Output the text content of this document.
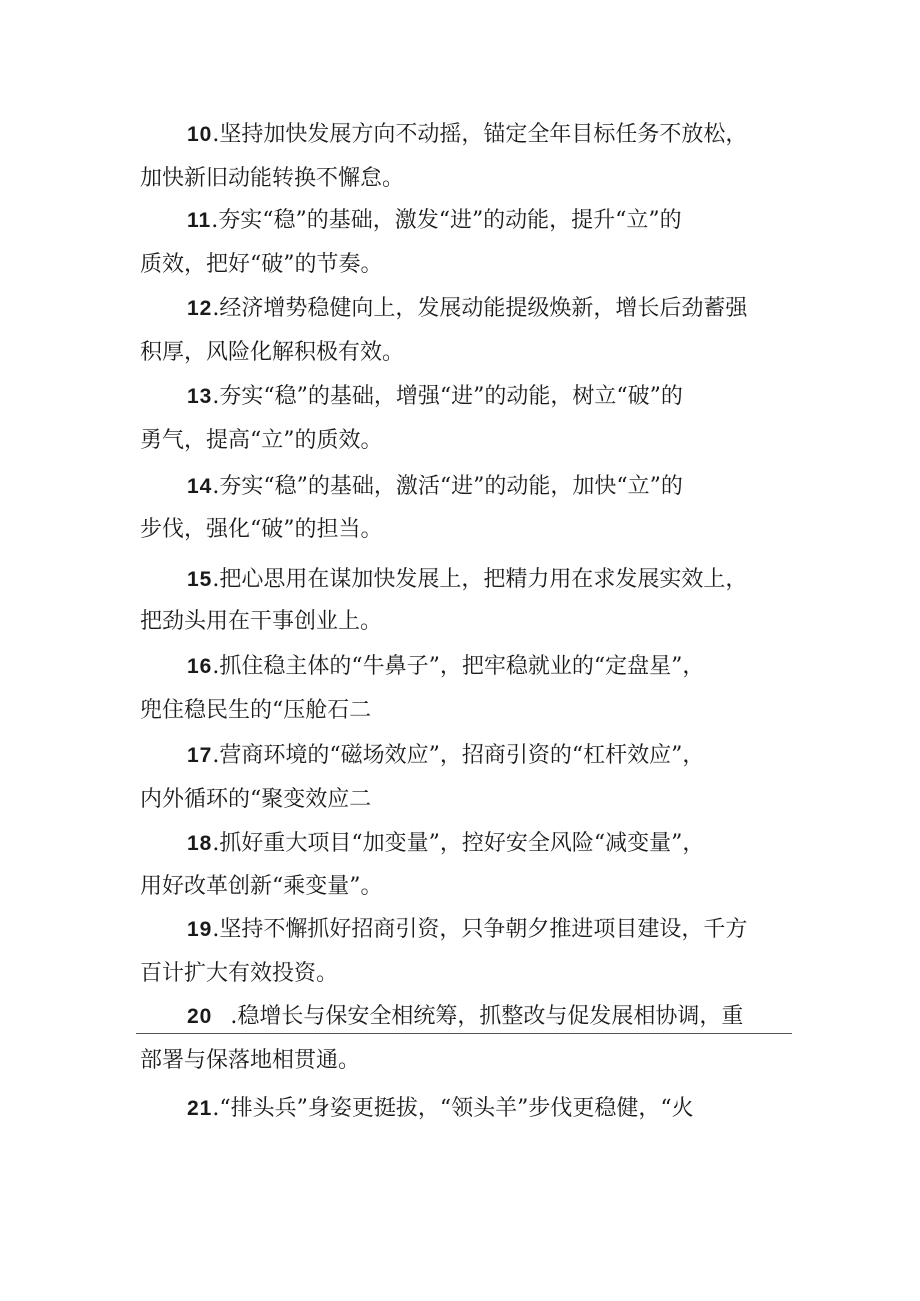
10.坚持加快发展方向不动摇，锚定全年目标任务不放松，
加快新旧动能转换不懈怠。
11.夯实“稳”的基础，激发“进”的动能，提升“立”的
质效，把好“破”的节奏。
12.经济增势稳健向上，发展动能提级焕新，增长后劲蓄强
积厚，风险化解积极有效。
13.夯实“稳”的基础，增强“进”的动能，树立“破”的
勇气，提高“立”的质效。
14.夯实“稳”的基础，激活“进”的动能，加快“立”的
步伐，强化“破”的担当。
15.把心思用在谋加快发展上，把精力用在求发展实效上，
把劲头用在干事创业上。
16.抓住稳主体的“牛鼻子”，把牢稳就业的“定盘星”，
兜住稳民生的“压舱石二
17.营商环境的“磁场效应”，招商引资的“杠杆效应”，
内外循环的“聚变效应二
18.抓好重大项目“加变量”，控好安全风险“减变量”，
用好改革创新“乘变量”。
19.坚持不懈抓好招商引资，只争朝夕推进项目建设，千方
百计扩大有效投资。
20 .稳增长与保安全相统筹，抓整改与促发展相协调，重
部署与保落地相贯通。
21.“排头兵”身姿更挺拔，“领头羊”步伐更稳健，“火
